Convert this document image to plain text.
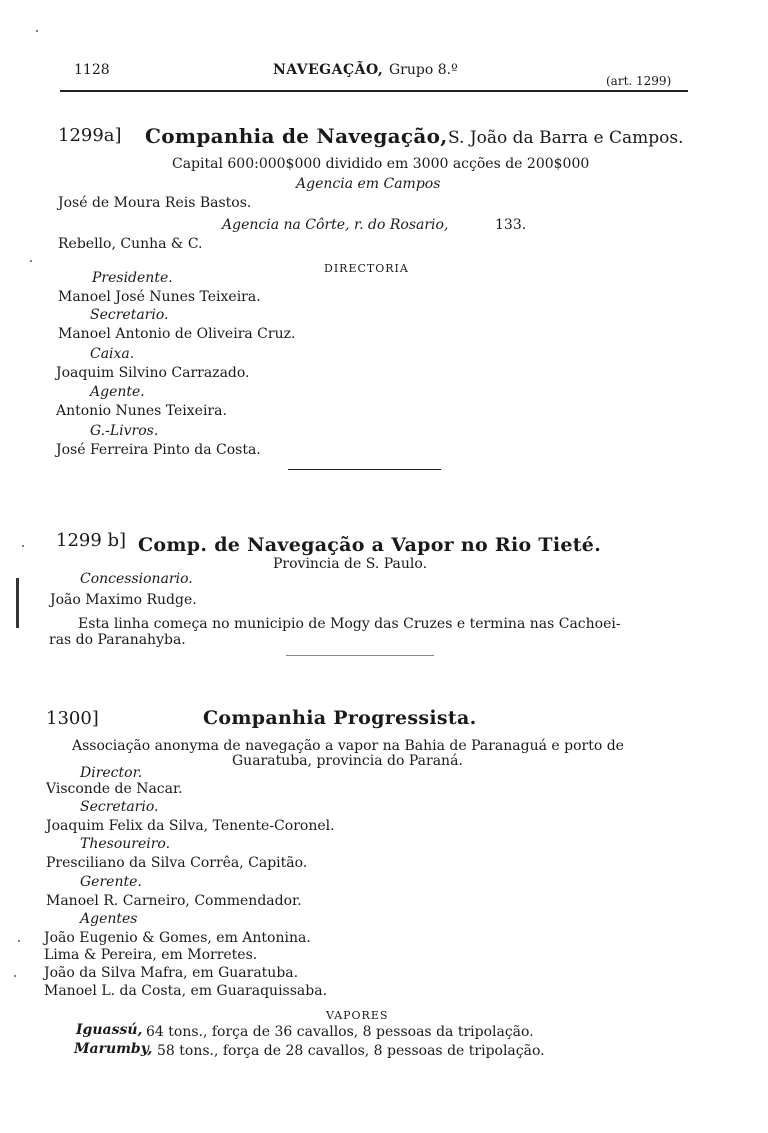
1128	NAVEGAÇÃO, Grupo 8.º
(art. 1299)
1299a] Companhia de Navegação, S. João da Barra e Campos.
Capital 600:000$000 dividido em 3000 acções de 200$000
Agencia em Campos
José de Moura Reis Bastos.
Agencia na Côrte, r. do Rosario,	133.
Rebello, Cunha & C.
DIRECTORIA
Presidente.
Manoel José Nunes Teixeira.
Secretario.
Manoel Antonio de Oliveira Cruz.
Caixa.
Joaquim Silvino Carrazado.
Agente.
Antonio Nunes Teixeira.
G.-Livros.
José Ferreira Pinto da Costa.
1299 b] Comp. de Navegação a Vapor no Rio Tieté.
Provincia de S. Paulo.
Concessionario.
João Maximo Rudge.
Esta linha começa no municipio de Mogy das Cruzes e termina nas Cachoei-
ras do Paranahyba.
1300]	Companhia Progressista.
Associação anonyma de navegação a vapor na Bahia de Paranaguá e porto de
Guaratuba, provincia do Paraná.
Director.
Visconde de Nacar.
Secretario.
Joaquim Felix da Silva, Tenente-Coronel.
Thesoureiro.
Presciliano da Silva Corrêa, Capitão.
Gerente.
Manoel R. Carneiro, Commendador.
Agentes
João Eugenio & Gomes, em Antonina.
Lima & Pereira, em Morretes.
João da Silva Mafra, em Guaratuba.
Manoel L. da Costa, em Guaraquissaba.
VAPORES
Iguassú, 64 tons., força de 36 cavallos, 8 pessoas da tripolação.
Marumby, 58 tons., força de 28 cavallos, 8 pessoas de tripolação.
